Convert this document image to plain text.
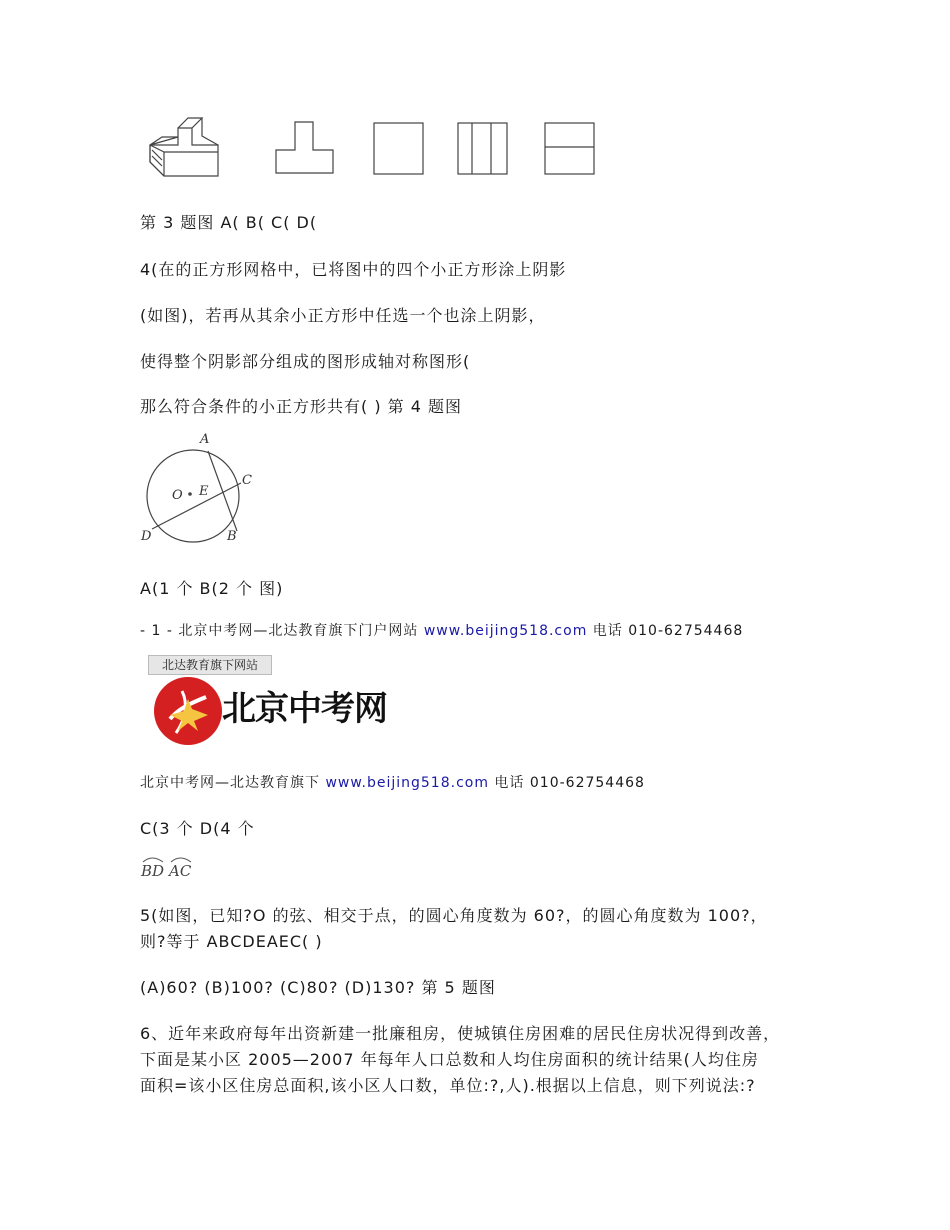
第 3 题图 A( B( C( D(
4(在的正方形网格中，已将图中的四个小正方形涂上阴影
(如图)，若再从其余小正方形中任选一个也涂上阴影，
使得整个阴影部分组成的图形成轴对称图形(
那么符合条件的小正方形共有( ) 第 4 题图
A
C
O E
D	B
A(1 个 B(2 个 图)
- 1 - 北京中考网—北达教育旗下门户网站 www.beijing518.com 电话 010-62754468
北达教育旗下网站
北京中考网
北京中考网—北达教育旗下 www.beijing518.com 电话 010-62754468
C(3 个 D(4 个
BD AC
5(如图，已知?O 的弦、相交于点，的圆心角度数为 60?，的圆心角度数为 100?，
则?等于 ABCDEAEC( )
(A)60? (B)100? (C)80? (D)130? 第 5 题图
6、近年来政府每年出资新建一批廉租房，使城镇住房困难的居民住房状况得到改善，
下面是某小区 2005—2007 年每年人口总数和人均住房面积的统计结果(人均住房
面积=该小区住房总面积,该小区人口数，单位:?,人).根据以上信息，则下列说法:?
